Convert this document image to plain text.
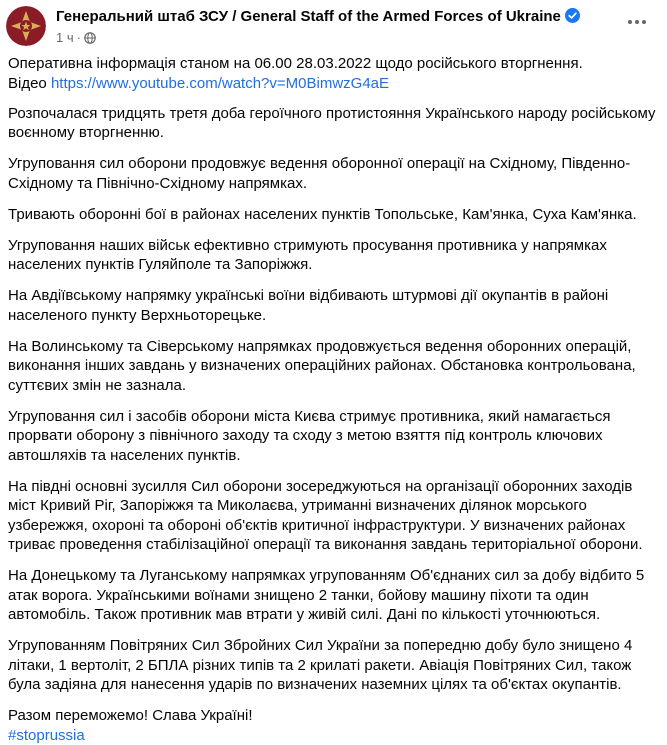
Генеральний штаб ЗСУ / General Staff of the Armed Forces of Ukraine
1 ч ·

Оперативна інформація станом на 06.00 28.03.2022 щодо російського вторгнення.
Відео https://www.youtube.com/watch?v=M0BimwzG4aE

Розпочалася тридцять третя доба героїчного протистояння Українського народу російському воєнному вторгненню.

Угруповання сил оборони продовжує ведення оборонної операції на Східному, Південно-Східному та Північно-Східному напрямках.

Тривають оборонні бої в районах населених пунктів Топольське, Кам'янка, Суха Кам'янка.

Угруповання наших військ ефективно стримують просування противника у напрямках населених пунктів Гуляйполе та Запоріжжя.

На Авдіївському напрямку українські воїни відбивають штурмові дії окупантів в районі населеного пункту Верхньоторецьке.

На Волинському та Сіверському напрямках продовжується ведення оборонних операцій, виконання інших завдань у визначених операційних районах. Обстановка контрольована, суттєвих змін не зазнала.

Угруповання сил і засобів оборони міста Києва стримує противника, який намагається прорвати оборону з північного заходу та сходу з метою взяття під контроль ключових автошляхів та населених пунктів.

На півдні основні зусилля Сил оборони зосереджуються на організації оборонних заходів міст Кривий Ріг, Запоріжжя та Миколаєва, утриманні визначених ділянок морського узбережжя, охороні та обороні об'єктів критичної інфраструктури. У визначених районах триває проведення стабілізаційної операції та виконання завдань територіальної оборони.

На Донецькому та Луганському напрямках угрупованням Об'єднаних сил за добу відбито 5 атак ворога. Українськими воїнами знищено 2 танки, бойову машину піхоти та один автомобіль. Також противник мав втрати у живій силі. Дані по кількості уточнюються.

Угрупованням Повітряних Сил Збройних Сил України за попередню добу було знищено 4 літаки, 1 вертоліт, 2 БПЛА різних типів та 2 крилаті ракети. Авіація Повітряних Сил, також була задіяна для нанесення ударів по визначених наземних цілях та об'єктах окупантів.

Разом переможемо! Слава Україні!
#stoprussia
